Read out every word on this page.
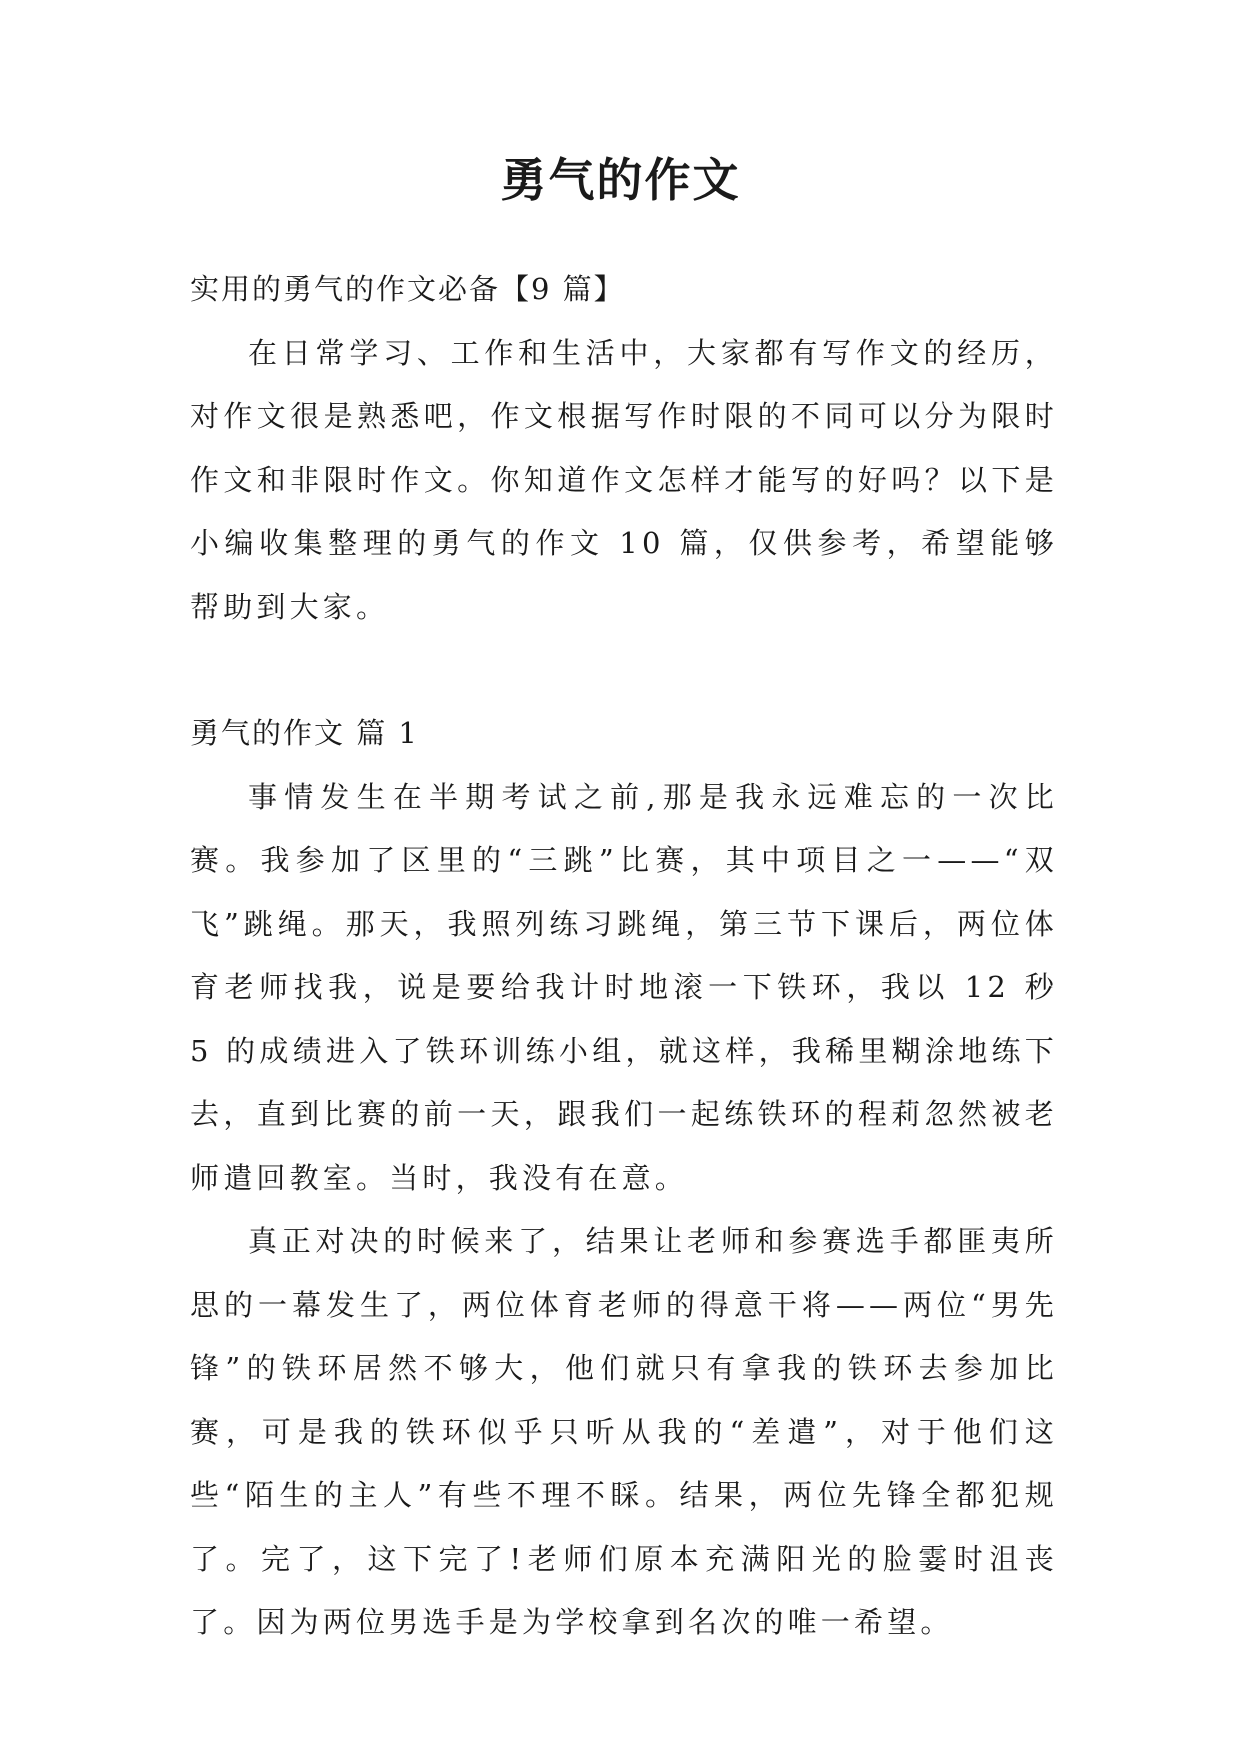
勇气的作文

实用的勇气的作文必备【9 篇】

在日常学习、工作和生活中，大家都有写作文的经历，对作文很是熟悉吧，作文根据写作时限的不同可以分为限时作文和非限时作文。你知道作文怎样才能写的好吗？以下是小编收集整理的勇气的作文 10 篇，仅供参考，希望能够帮助到大家。

勇气的作文 篇 1

事情发生在半期考试之前,那是我永远难忘的一次比赛。我参加了区里的“三跳”比赛，其中项目之一——“双飞”跳绳。那天，我照列练习跳绳，第三节下课后，两位体育老师找我，说是要给我计时地滚一下铁环，我以 12 秒 5 的成绩进入了铁环训练小组，就这样，我稀里糊涂地练下去，直到比赛的前一天，跟我们一起练铁环的程莉忽然被老师遣回教室。当时，我没有在意。

真正对决的时候来了，结果让老师和参赛选手都匪夷所思的一幕发生了，两位体育老师的得意干将——两位“男先锋”的铁环居然不够大，他们就只有拿我的铁环去参加比赛，可是我的铁环似乎只听从我的“差遣”，对于他们这些“陌生的主人”有些不理不睬。结果，两位先锋全都犯规了。完了，这下完了!老师们原本充满阳光的脸霎时沮丧了。因为两位男选手是为学校拿到名次的唯一希望。
